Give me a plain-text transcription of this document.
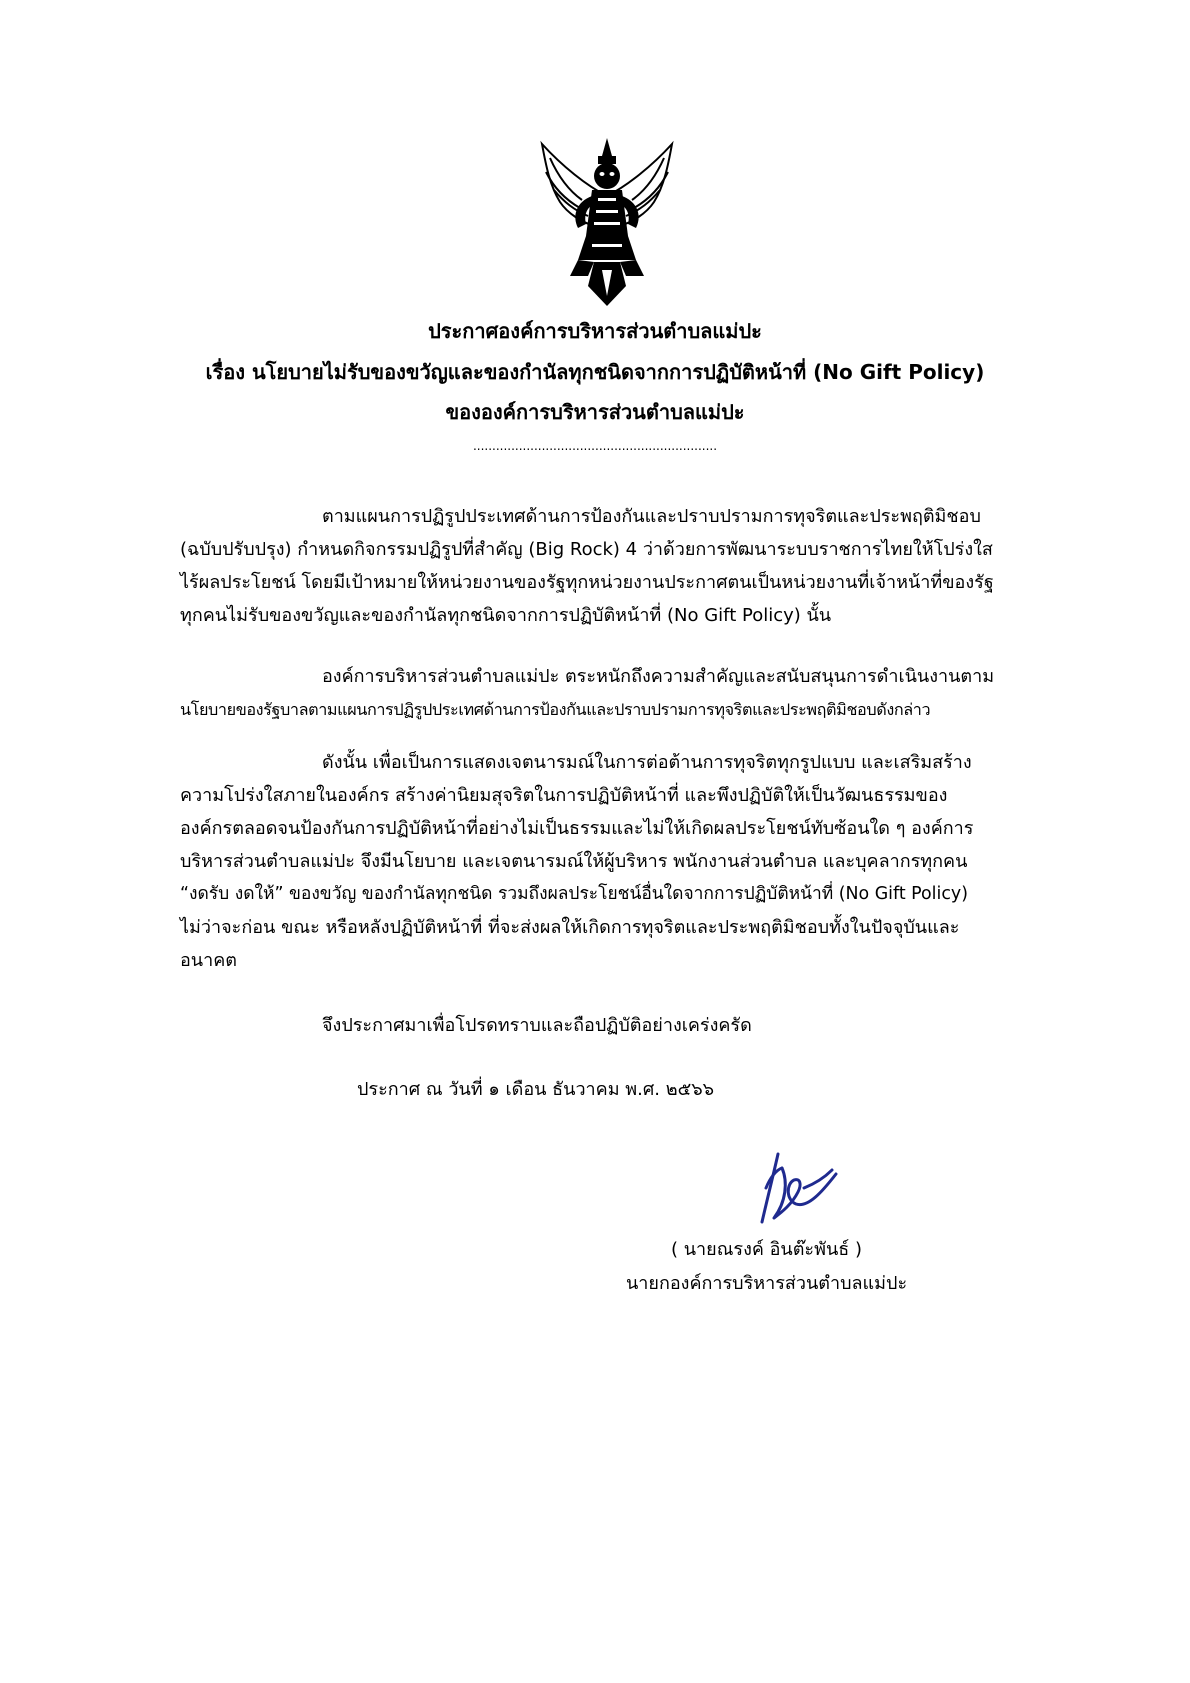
ประกาศองค์การบริหารส่วนตำบลแม่ปะ
เรื่อง นโยบายไม่รับของขวัญและของกำนัลทุกชนิดจากการปฏิบัติหน้าที่ (No Gift Policy)
ขององค์การบริหารส่วนตำบลแม่ปะ
................................................................
ตามแผนการปฏิรูปประเทศด้านการป้องกันและปราบปรามการทุจริตและประพฤติมิชอบ
(ฉบับปรับปรุง) กำหนดกิจกรรมปฏิรูปที่สำคัญ (Big Rock) 4 ว่าด้วยการพัฒนาระบบราชการไทยให้โปร่งใส
ไร้ผลประโยชน์ โดยมีเป้าหมายให้หน่วยงานของรัฐทุกหน่วยงานประกาศตนเป็นหน่วยงานที่เจ้าหน้าที่ของรัฐ
ทุกคนไม่รับของขวัญและของกำนัลทุกชนิดจากการปฏิบัติหน้าที่ (No Gift Policy) นั้น
องค์การบริหารส่วนตำบลแม่ปะ ตระหนักถึงความสำคัญและสนับสนุนการดำเนินงานตาม
นโยบายของรัฐบาลตามแผนการปฏิรูปประเทศด้านการป้องกันและปราบปรามการทุจริตและประพฤติมิชอบดังกล่าว
ดังนั้น เพื่อเป็นการแสดงเจตนารมณ์ในการต่อต้านการทุจริตทุกรูปแบบ และเสริมสร้าง
ความโปร่งใสภายในองค์กร สร้างค่านิยมสุจริตในการปฏิบัติหน้าที่ และพึงปฏิบัติให้เป็นวัฒนธรรมของ
องค์กรตลอดจนป้องกันการปฏิบัติหน้าที่อย่างไม่เป็นธรรมและไม่ให้เกิดผลประโยชน์ทับซ้อนใด ๆ องค์การ
บริหารส่วนตำบลแม่ปะ จึงมีนโยบาย และเจตนารมณ์ให้ผู้บริหาร พนักงานส่วนตำบล และบุคลากรทุกคน
“งดรับ งดให้” ของขวัญ ของกำนัลทุกชนิด รวมถึงผลประโยชน์อื่นใดจากการปฏิบัติหน้าที่ (No Gift Policy)
ไม่ว่าจะก่อน ขณะ หรือหลังปฏิบัติหน้าที่ ที่จะส่งผลให้เกิดการทุจริตและประพฤติมิชอบทั้งในปัจจุบันและ
อนาคต
จึงประกาศมาเพื่อโปรดทราบและถือปฏิบัติอย่างเคร่งครัด
ประกาศ ณ วันที่ ๑ เดือน ธันวาคม พ.ศ. ๒๕๖๖
( นายณรงค์ อินต๊ะพันธ์ )
นายกองค์การบริหารส่วนตำบลแม่ปะ
